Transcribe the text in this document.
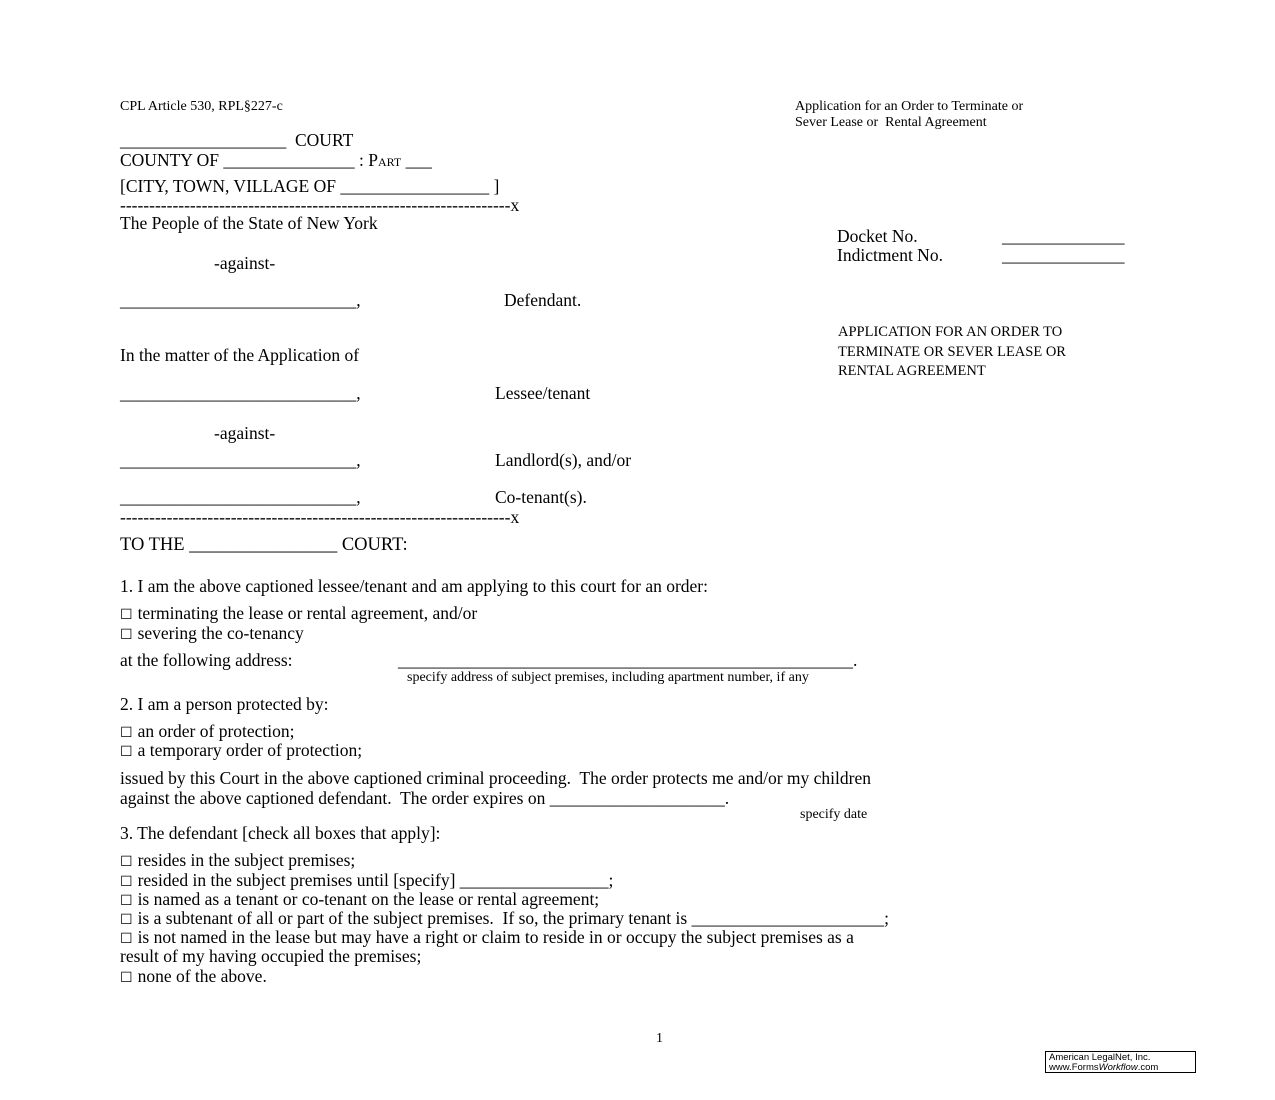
CPL Article 530, RPL§227-c	Application for an Order to Terminate or
Sever Lease or  Rental Agreement
___________________  COURT
COUNTY OF _______________ : Part ___
[CITY, TOWN, VILLAGE OF _________________ ]
-------------------------------------------------------------------x
The People of the State of New York
-against-
___________________________,	Defendant.
In the matter of the Application of
___________________________,	Lessee/tenant
-against-
___________________________,	Landlord(s), and/or
___________________________,	Co-tenant(s).
-------------------------------------------------------------------x
Docket No.	______________
Indictment No.	______________
APPLICATION FOR AN ORDER TO
TERMINATE OR SEVER LEASE OR
RENTAL AGREEMENT
TO THE ________________ COURT:
1. I am the above captioned lessee/tenant and am applying to this court for an order:
☐ terminating the lease or rental agreement, and/or
☐ severing the co-tenancy
at the following address:	____________________________________________________.
specify address of subject premises, including apartment number, if any
2. I am a person protected by:
☐ an order of protection;
☐ a temporary order of protection;
issued by this Court in the above captioned criminal proceeding.  The order protects me and/or my children
against the above captioned defendant.  The order expires on ____________________.
specify date
3. The defendant [check all boxes that apply]:
☐ resides in the subject premises;
☐ resided in the subject premises until [specify] _________________;
☐ is named as a tenant or co-tenant on the lease or rental agreement;
☐ is a subtenant of all or part of the subject premises.  If so, the primary tenant is ______________________;
☐ is not named in the lease but may have a right or claim to reside in or occupy the subject premises as a
result of my having occupied the premises;
☐ none of the above.
1
American LegalNet, Inc.
www.FormsWorkflow.com
